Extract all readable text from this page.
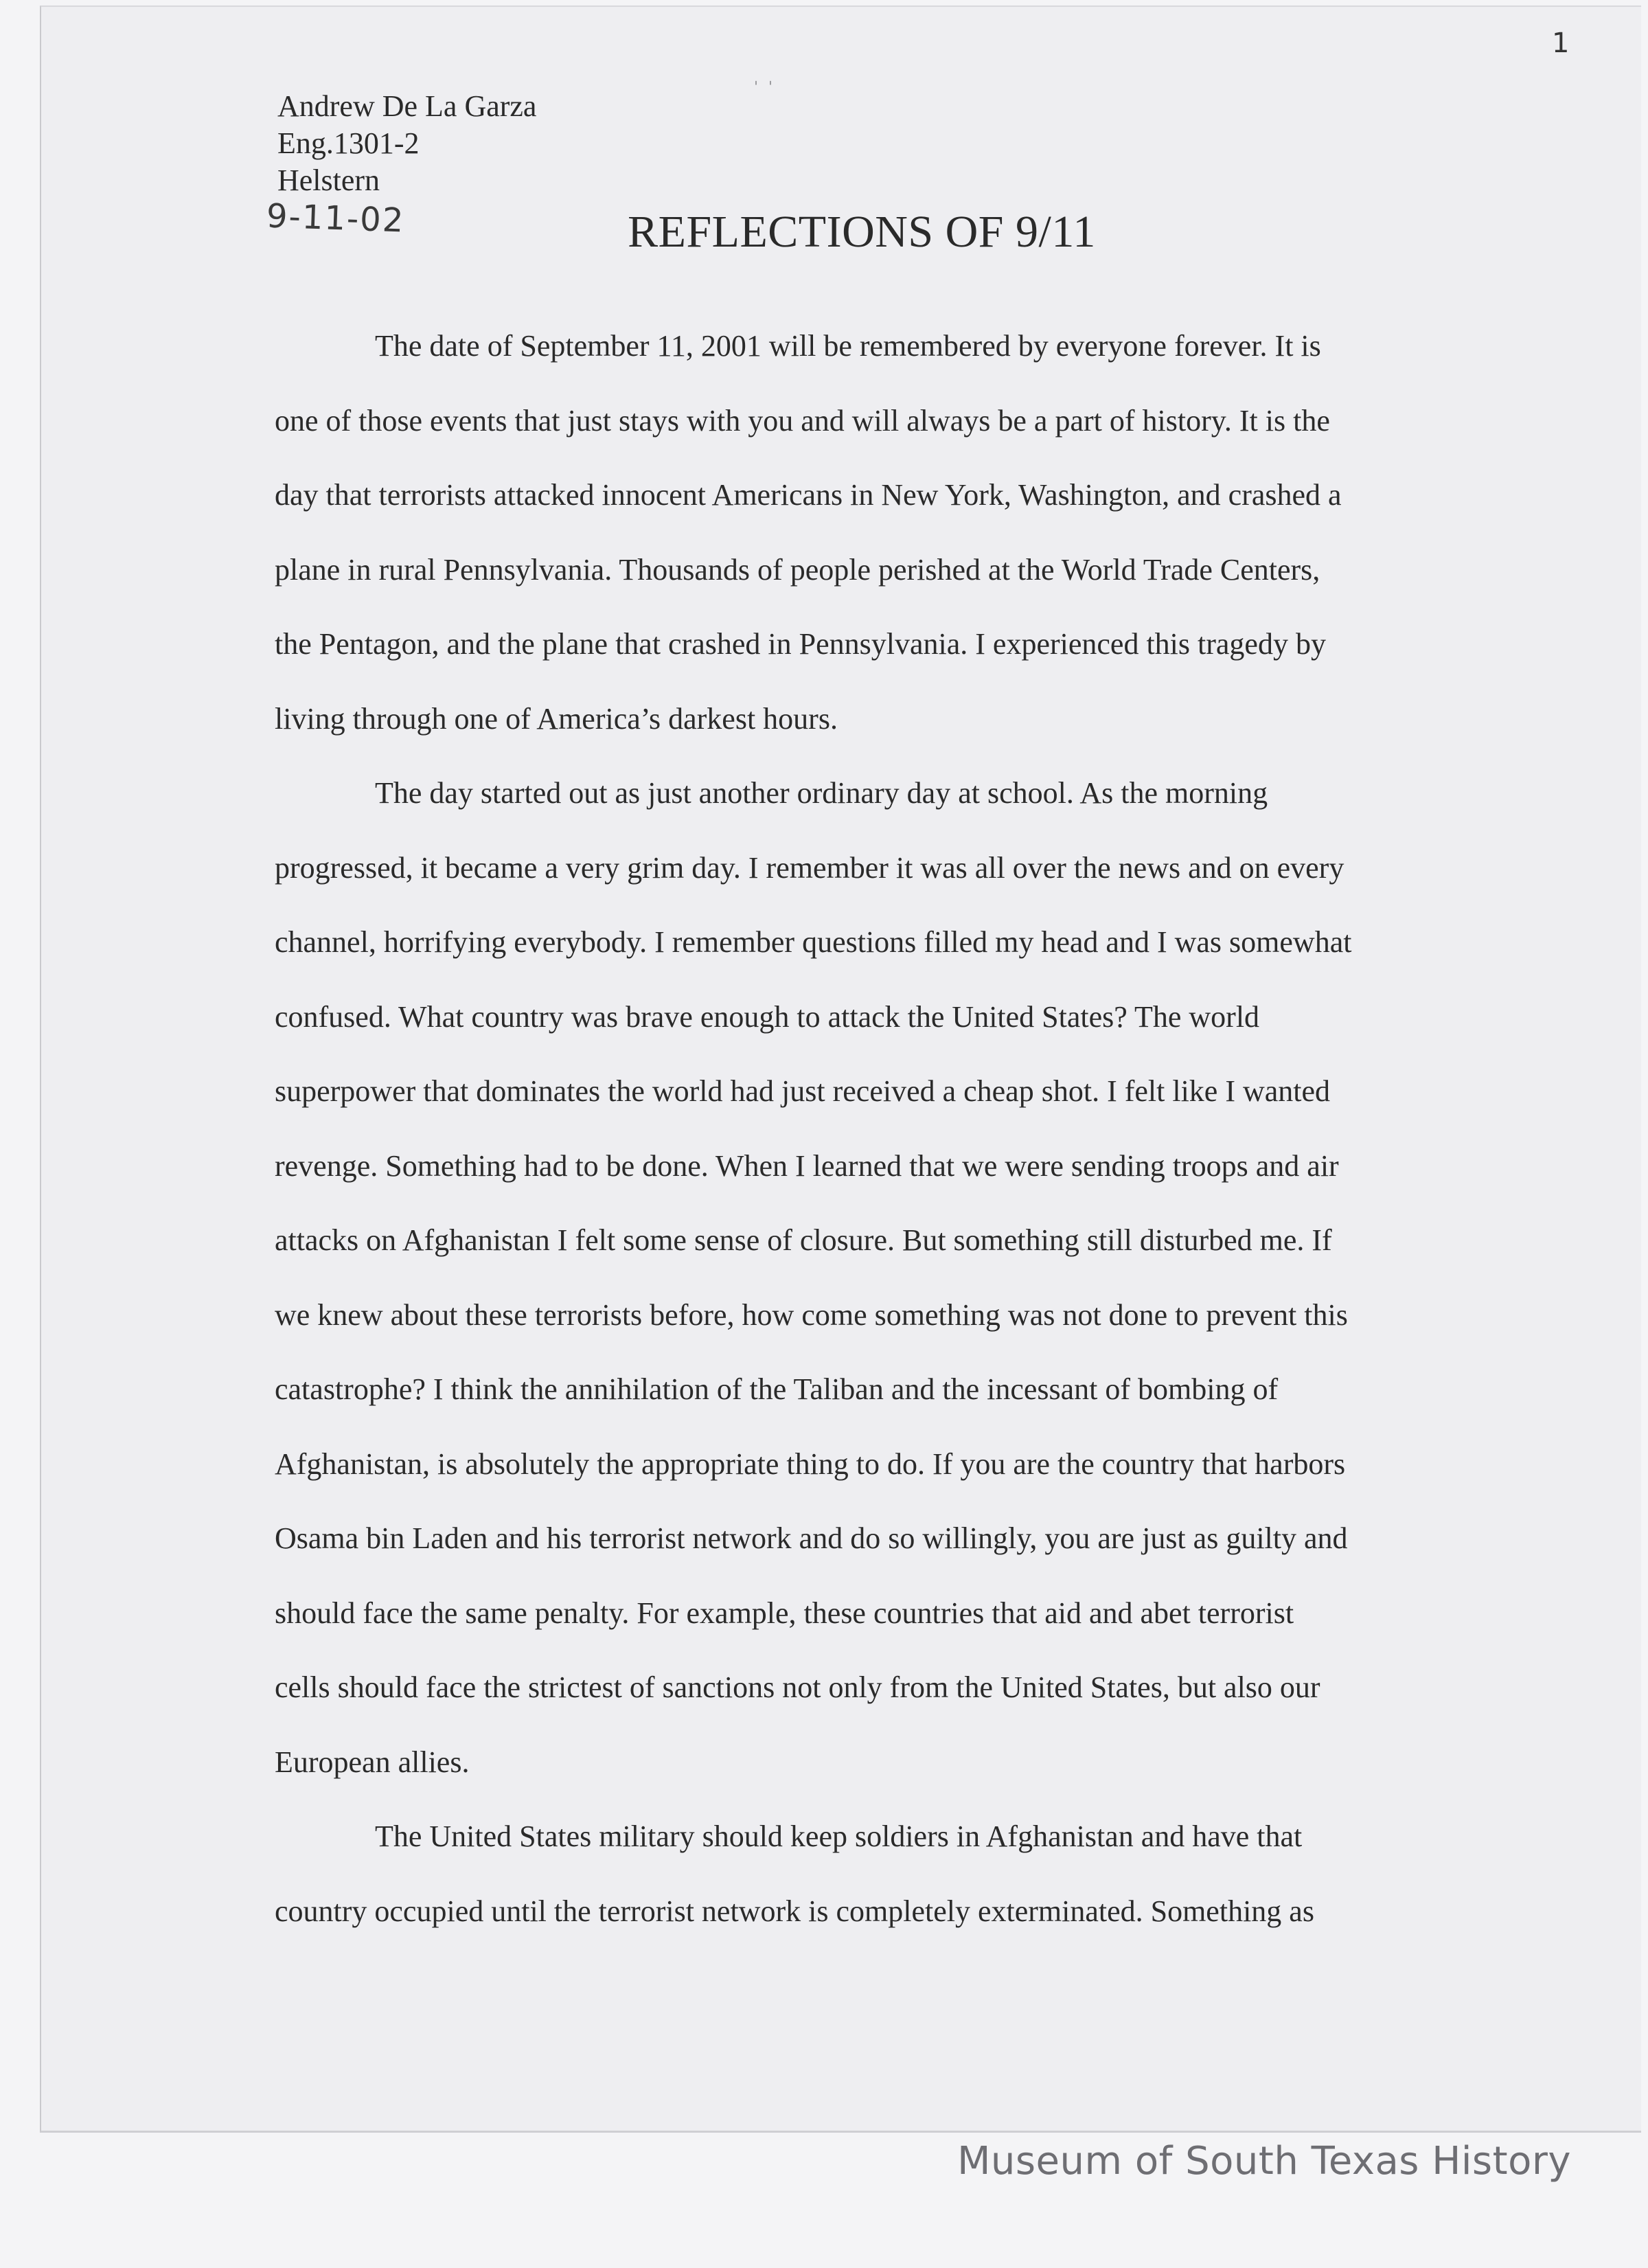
ˈ ˈ
1
Andrew De La Garza
Eng.1301-2
Helstern
9-11-02	REFLECTIONS OF 9/11
The date of September 11, 2001 will be remembered by everyone forever. It is
one of those events that just stays with you and will always be a part of history. It is the
day that terrorists attacked innocent Americans in New York, Washington, and crashed a
plane in rural Pennsylvania. Thousands of people perished at the World Trade Centers,
the Pentagon, and the plane that crashed in Pennsylvania. I experienced this tragedy by
living through one of America’s darkest hours.
The day started out as just another ordinary day at school. As the morning
progressed, it became a very grim day. I remember it was all over the news and on every
channel, horrifying everybody. I remember questions filled my head and I was somewhat
confused. What country was brave enough to attack the United States? The world
superpower that dominates the world had just received a cheap shot. I felt like I wanted
revenge. Something had to be done. When I learned that we were sending troops and air
attacks on Afghanistan I felt some sense of closure. But something still disturbed me. If
we knew about these terrorists before, how come something was not done to prevent this
catastrophe? I think the annihilation of the Taliban and the incessant of bombing of
Afghanistan, is absolutely the appropriate thing to do. If you are the country that harbors
Osama bin Laden and his terrorist network and do so willingly, you are just as guilty and
should face the same penalty. For example, these countries that aid and abet terrorist
cells should face the strictest of sanctions not only from the United States, but also our
European allies.
The United States military should keep soldiers in Afghanistan and have that
country occupied until the terrorist network is completely exterminated. Something as
Museum of South Texas History
